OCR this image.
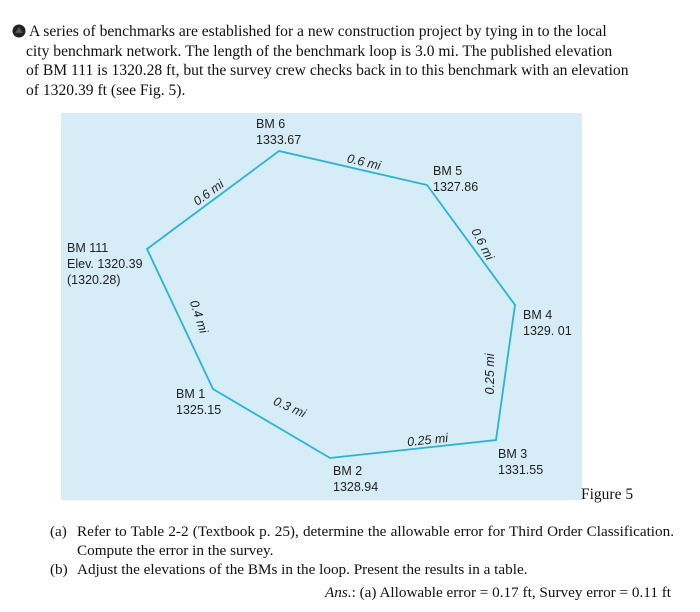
A series of benchmarks are established for a new construction project by tying in to the local
city benchmark network. The length of the benchmark loop is 3.0 mi. The published elevation
of BM 111 is 1320.28 ft, but the survey crew checks back in to this benchmark with an elevation
of 1320.39 ft (see Fig. 5).
0.6 mi
0.6 mi
0.6 mi
0.25 mi
0.25 mi
0.3 mi
0.4 mi
BM 111
Elev. 1320.39
(1320.28)
BM 6
1333.67
BM 5
1327.86
BM 4
1329. 01
BM 3
1331.55
BM 2
1328.94
BM 1
1325.15
Figure 5
(a) Refer to Table 2-2 (Textbook p. 25), determine the allowable error for Third Order Classification. Compute the error in the survey.
(b) Adjust the elevations of the BMs in the loop. Present the results in a table.
Ans.: (a) Allowable error = 0.17 ft, Survey error = 0.11 ft
